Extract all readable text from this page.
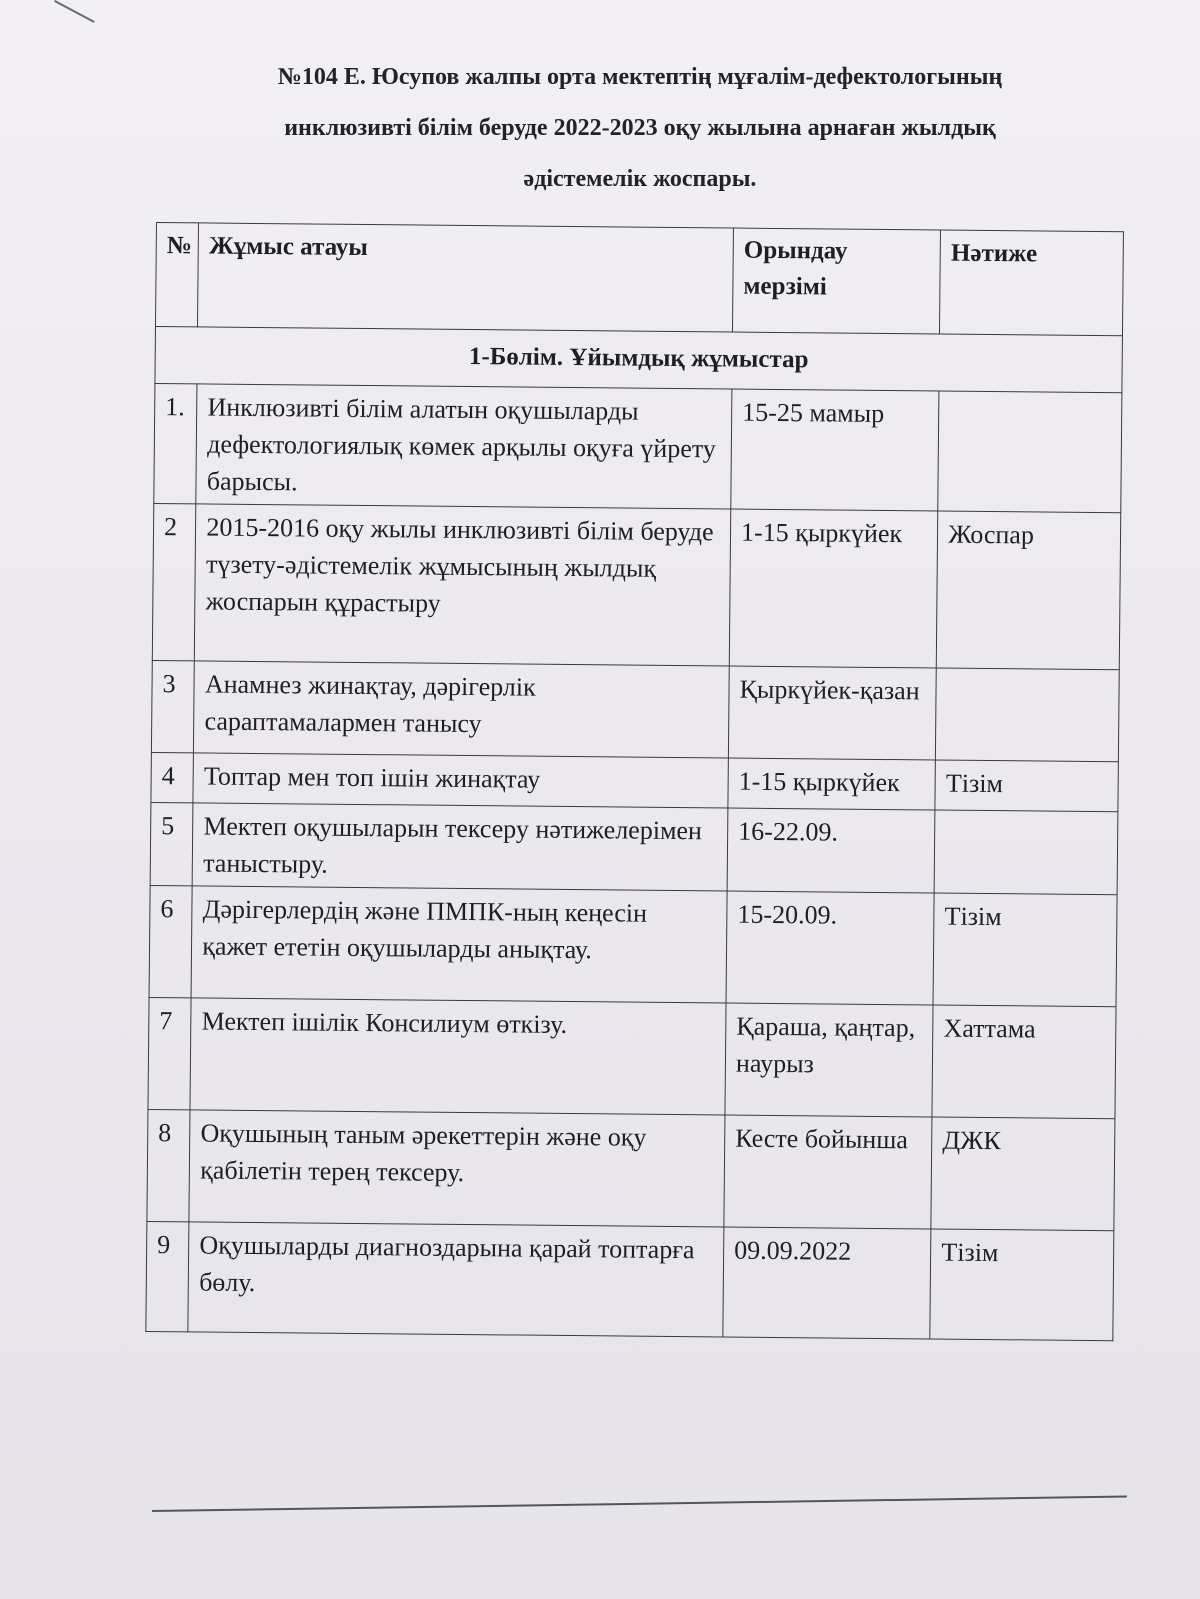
№104 Е. Юсупов жалпы орта мектептің мұғалім-дефектологының
инклюзивті білім беруде 2022-2023 оқу жылына арнаған жылдық
әдістемелік жоспары.
№	Жұмыс атауы	Орындау мерзімі	Нәтиже
1-Бөлім. Ұйымдық жұмыстар			
1.	Инклюзивті білім алатын оқушыларды дефектологиялық көмек арқылы оқуға үйрету барысы.	15-25 мамыр	
2	2015-2016 оқу жылы инклюзивті білім беруде түзету-әдістемелік жұмысының жылдық жоспарын құрастыру	1-15 қыркүйек	Жоспар
3	Анамнез жинақтау, дәрігерлік сараптамалармен танысу	Қыркүйек-қазан	
4	Топтар мен топ ішін жинақтау	1-15 қыркүйек	Тізім
5	Мектеп оқушыларын тексеру нәтижелерімен таныстыру.	16-22.09.	
6	Дәрігерлердің және ПМПК-ның кеңесін қажет ететін оқушыларды анықтау.	15-20.09.	Тізім
7	Мектеп ішілік Консилиум өткізу.	Қараша, қаңтар, наурыз	Хаттама
8	Оқушының таным әрекеттерін және оқу қабілетін терең тексеру.	Кесте бойынша	ДЖК
9	Оқушыларды диагноздарына қарай топтарға бөлу.	09.09.2022	Тізім
